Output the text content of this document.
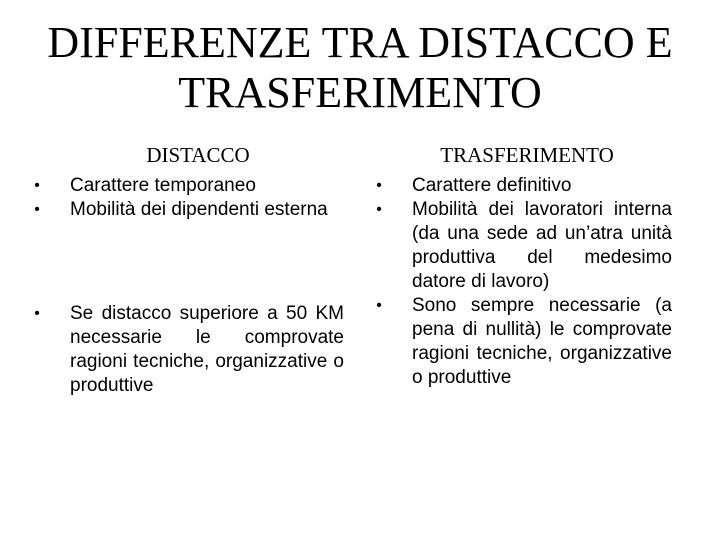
DIFFERENZE TRA DISTACCO E TRASFERIMENTO
DISTACCO
•	Carattere temporaneo
•	Mobilità dei dipendenti esterna
•	Se distacco superiore a 50 KM necessarie le comprovate ragioni tecniche, organizzative o produttive
TRASFERIMENTO
•	Carattere definitivo
•	Mobilità dei lavoratori interna (da una sede ad un’atra unità produttiva del medesimo datore di lavoro)
•	Sono sempre necessarie (a pena di nullità) le comprovate ragioni tecniche, organizzative o produttive
